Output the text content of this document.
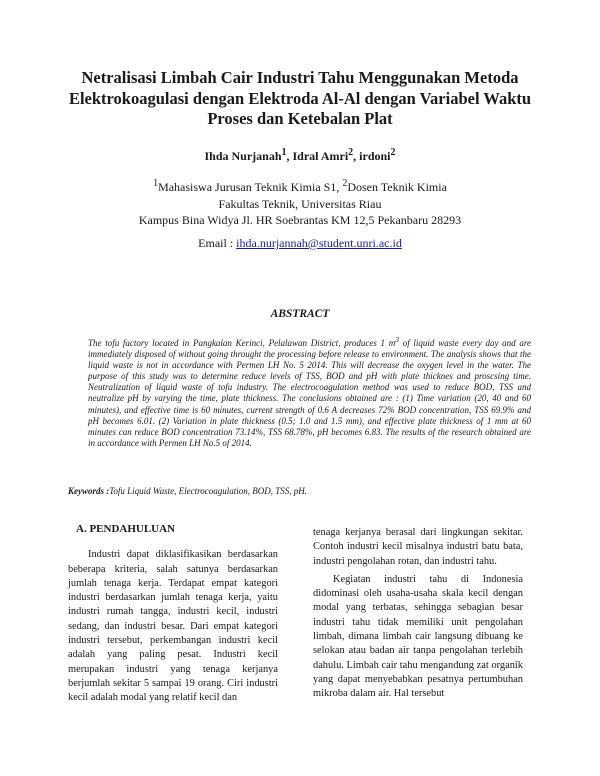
Netralisasi Limbah Cair Industri Tahu Menggunakan Metoda
Elektrokoagulasi dengan Elektroda Al-Al dengan Variabel Waktu
Proses dan Ketebalan Plat
Ihda Nurjanah$^1$, Idral Amri$^2$, irdoni$^2$
$^1$Mahasiswa Jurusan Teknik Kimia S1, $^2$Dosen Teknik Kimia
Fakultas Teknik, Universitas Riau
Kampus Bina Widya Jl. HR Soebrantas KM 12,5 Pekanbaru 28293
Email : ihda.nurjannah@student.unri.ac.id
ABSTRACT

The tofu factory located in Pangkalan Kerinci, Pelalawan District, produces 1 $m^3$ of liquid waste every day and are immediately disposed of without going throught the processing before release to environment. The analysis shows that the liquid waste is not in accordance with Permen LH No. 5 2014. This will decrease the oxygen level in the water. The purpose of this study was to determine reduce levels of TSS, BOD and pH with plate thicknes and proscsing time. Neutralization of liquid waste of tofu industry. The electrocoagulation method was used to reduce BOD, TSS and neutralize pH by varying the time, plate thickness. The conclusions obtained are : (1) Time variation (20, 40 and 60 minutes), and effective time is 60 minutes, current strength of 0.6 A decreases 72% BOD concentration, TSS 69.9% and pH becomes 6.01. (2) Variation in plate thickness (0.5; 1.0 and 1.5 mm), and effective plate thickness of 1 mm at 60 minutes can reduce BOD concentration 73.14%, TSS 68.78%, pH becomes 6.83. The results of the research obtained are in accordance with Permen LH No.5 of 2014.

Keywords :Tofu Liquid Waste, Electrocoagulation, BOD, TSS, pH.
A. PENDAHULUAN

Industri dapat diklasifikasikan berdasarkan beberapa kriteria, salah satunya berdasarkan jumlah tenaga kerja. Terdapat empat kategori industri berdasarkan jumlah tenaga kerja, yaitu industri rumah tangga, industri kecil, industri sedang, dan industri besar. Dari empat kategori industri tersebut, perkembangan industri kecil adalah yang paling pesat. Industri kecil merupakan industri yang tenaga kerjanya berjumlah sekitar 5 sampai 19 orang. Ciri industri kecil adalah modal yang relatif kecil dan

tenaga kerjanya berasal dari lingkungan sekitar. Contoh industri kecil misalnya industri batu bata, industri pengolahan rotan, dan industri tahu.

Kegiatan industri tahu di Indonesia didominasi oleh usaha-usaha skala kecil dengan modal yang terbatas, sehingga sebagian besar industri tahu tidak memiliki unit pengolahan limbah, dimana limbah cair langsung dibuang ke selokan atau badan air tanpa pengolahan terlebih dahulu. Limbah cair tahu mengandung zat organik yang dapat menyebabkan pesatnya pertumbuhan mikroba dalam air. Hal tersebut
